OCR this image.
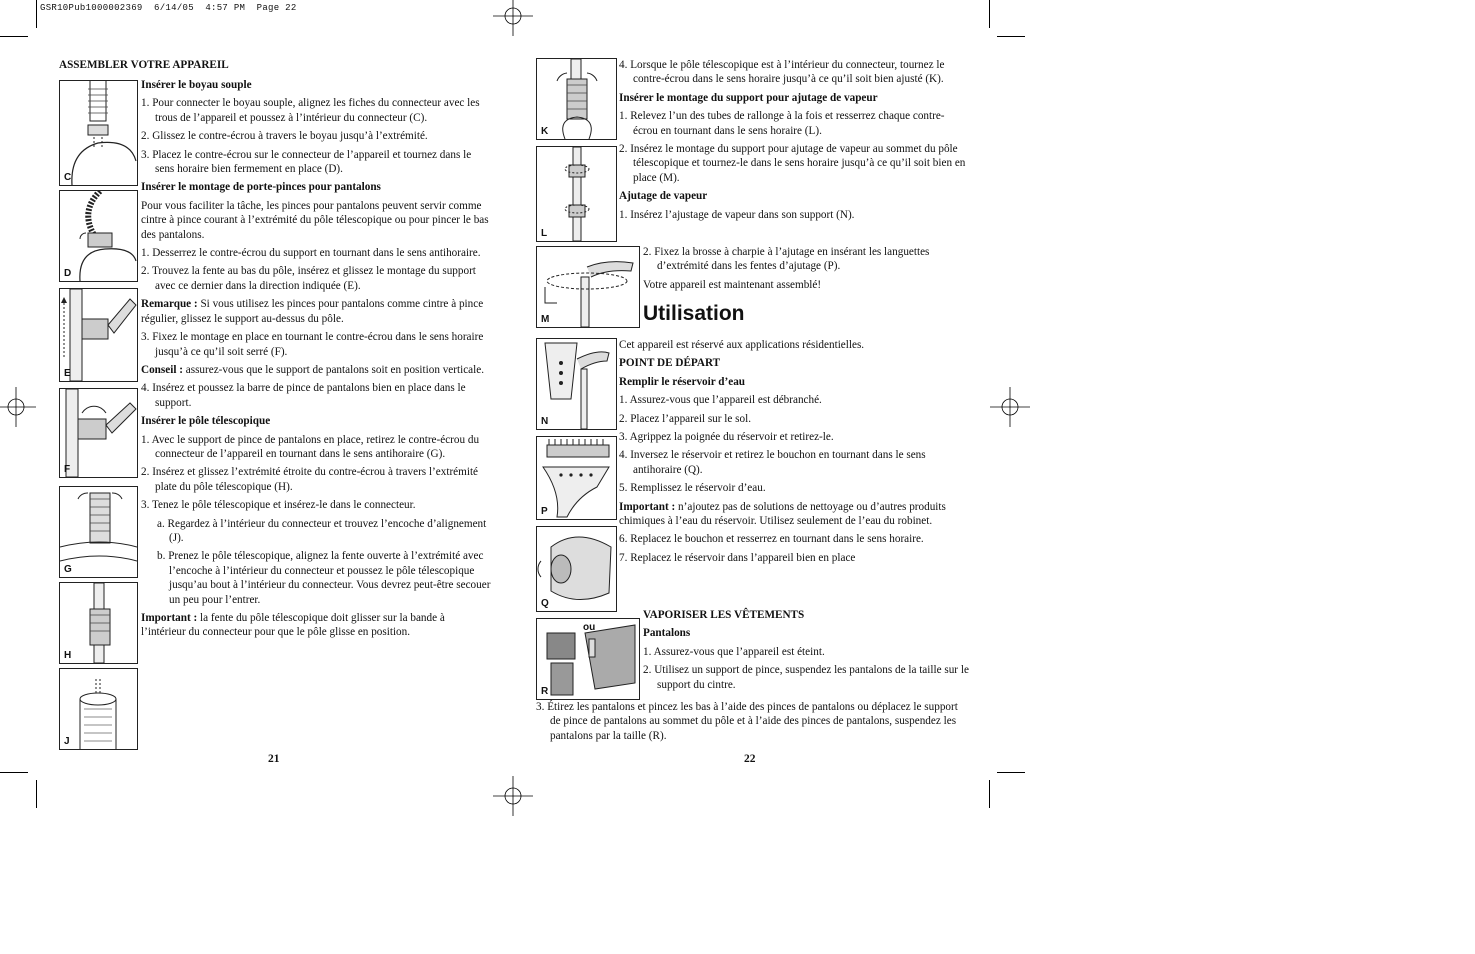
GSR10Pub1000002369  6/14/05  4:57 PM  Page 22

ASSEMBLER VOTRE APPAREIL

C
D
E
F
G
H
J

Insérer le boyau souple

1. Pour connecter le boyau souple, alignez les fiches du connecteur avec les trous de l’appareil et poussez à l’intérieur du connecteur (C).

2. Glissez le contre-écrou à travers le boyau jusqu’à l’extrémité.

3. Placez le contre-écrou sur le connecteur de l’appareil et tournez dans le sens horaire bien fermement en place (D).

Insérer le montage de porte-pinces pour pantalons

Pour vous faciliter la tâche, les pinces pour pantalons peuvent servir comme cintre à pince courant à l’extrémité du pôle télescopique ou pour pincer le bas des pantalons.

1. Desserrez le contre-écrou du support en tournant dans le sens antihoraire.

2. Trouvez la fente au bas du pôle, insérez et glissez le montage du support avec ce dernier dans la direction indiquée (E).

Remarque : Si vous utilisez les pinces pour pantalons comme cintre à pince régulier, glissez le support au-dessus du pôle.

3. Fixez le montage en place en tournant le contre-écrou dans le sens horaire jusqu’à ce qu’il soit serré (F).

Conseil : assurez-vous que le support de pantalons soit en position verticale.

4. Insérez et poussez la barre de pince de pantalons bien en place dans le support.

Insérer le pôle télescopique

1. Avec le support de pince de pantalons en place, retirez le contre-écrou du connecteur de l’appareil en tournant dans le sens antihoraire (G).

2. Insérez et glissez l’extrémité étroite du contre-écrou à travers l’extrémité plate du pôle télescopique (H).

3. Tenez le pôle télescopique et insérez-le dans le connecteur.

a. Regardez à l’intérieur du connecteur et trouvez l’encoche d’alignement (J).

b. Prenez le pôle télescopique, alignez la fente ouverte à l’extrémité avec l’encoche à l’intérieur du connecteur et poussez le pôle télescopique jusqu’au bout à l’intérieur du connecteur. Vous devrez peut-être secouer un peu pour l’entrer.

Important : la fente du pôle télescopique doit glisser sur la bande à l’intérieur du connecteur pour que le pôle glisse en position.

21
K
L
M
N
P
Q
ou
R

4. Lorsque le pôle télescopique est à l’intérieur du connecteur, tournez le contre-écrou dans le sens horaire jusqu’à ce qu’il soit bien ajusté (K).

Insérer le montage du support pour ajutage de vapeur

1. Relevez l’un des tubes de rallonge à la fois et resserrez chaque contre-écrou en tournant dans le sens horaire (L).

2. Insérez le montage du support pour ajutage de vapeur au sommet du pôle télescopique et tournez-le dans le sens horaire jusqu’à ce qu’il soit bien en place (M).

Ajutage de vapeur

1. Insérez l’ajustage de vapeur dans son support (N).

2. Fixez la brosse à charpie à l’ajutage en insérant les languettes d’extrémité dans les fentes d’ajutage (P).

Votre appareil est maintenant assemblé!

Utilisation

Cet appareil est réservé aux applications résidentielles.

POINT DE DÉPART

Remplir le réservoir d’eau

1. Assurez-vous que l’appareil est débranché.

2. Placez l’appareil sur le sol.

3. Agrippez la poignée du réservoir et retirez-le.

4. Inversez le réservoir et retirez le bouchon en tournant dans le sens antihoraire (Q).

5. Remplissez le réservoir d’eau.

Important : n’ajoutez pas de solutions de nettoyage ou d’autres produits chimiques à l’eau du réservoir. Utilisez seulement de l’eau du robinet.

6. Replacez le bouchon et resserrez en tournant dans le sens horaire.

7. Replacez le réservoir dans l’appareil bien en place

VAPORISER LES VÊTEMENTS

Pantalons

1. Assurez-vous que l’appareil est éteint.

2. Utilisez un support de pince, suspendez les pantalons de la taille sur le support du cintre.

3. Étirez les pantalons et pincez les bas à l’aide des pinces de pantalons ou déplacez le support de pince de pantalons au sommet du pôle et à l’aide des pinces de pantalons, suspendez les pantalons par la taille (R).

22
